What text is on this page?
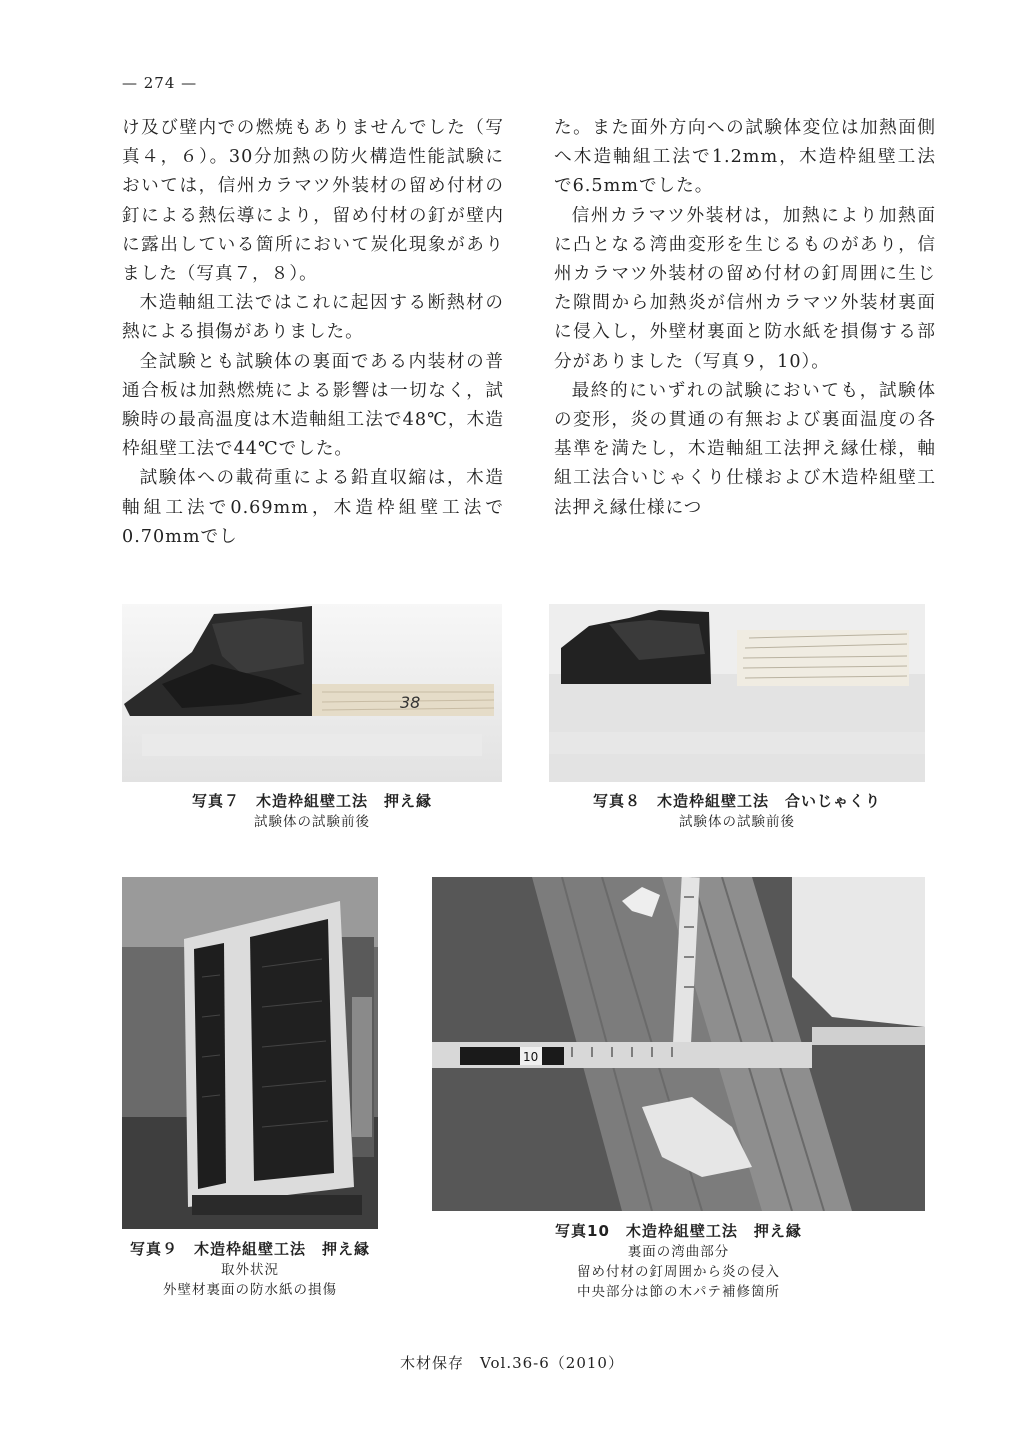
— 274 —

け及び壁内での燃焼もありませんでした（写真４，６）。30分加熱の防火構造性能試験においては，信州カラマツ外装材の留め付材の釘による熱伝導により，留め付材の釘が壁内に露出している箇所において炭化現象がありました（写真７，８）。

木造軸組工法ではこれに起因する断熱材の熱による損傷がありました。

全試験とも試験体の裏面である内装材の普通合板は加熱燃焼による影響は一切なく，試験時の最高温度は木造軸組工法で48℃，木造枠組壁工法で44℃でした。

試験体への載荷重による鉛直収縮は，木造軸組工法で0.69mm，木造枠組壁工法で0.70mmでし

た。また面外方向への試験体変位は加熱面側へ木造軸組工法で1.2mm，木造枠組壁工法で6.5mmでした。

信州カラマツ外装材は，加熱により加熱面に凸となる湾曲変形を生じるものがあり，信州カラマツ外装材の留め付材の釘周囲に生じた隙間から加熱炎が信州カラマツ外装材裏面に侵入し，外壁材裏面と防水紙を損傷する部分がありました（写真９，10）。

最終的にいずれの試験においても，試験体の変形，炎の貫通の有無および裏面温度の各基準を満たし，木造軸組工法押え縁仕様，軸組工法合いじゃくり仕様および木造枠組壁工法押え縁仕様につ

38
写真７　木造枠組壁工法　押え縁
試験体の試験前後
写真８　木造枠組壁工法　合いじゃくり
試験体の試験前後
写真９　木造枠組壁工法　押え縁
取外状況
外壁材裏面の防水紙の損傷
10
写真10　木造枠組壁工法　押え縁
裏面の湾曲部分
留め付材の釘周囲から炎の侵入
中央部分は節の木パテ補修箇所
木材保存　Vol.36-6（2010）
